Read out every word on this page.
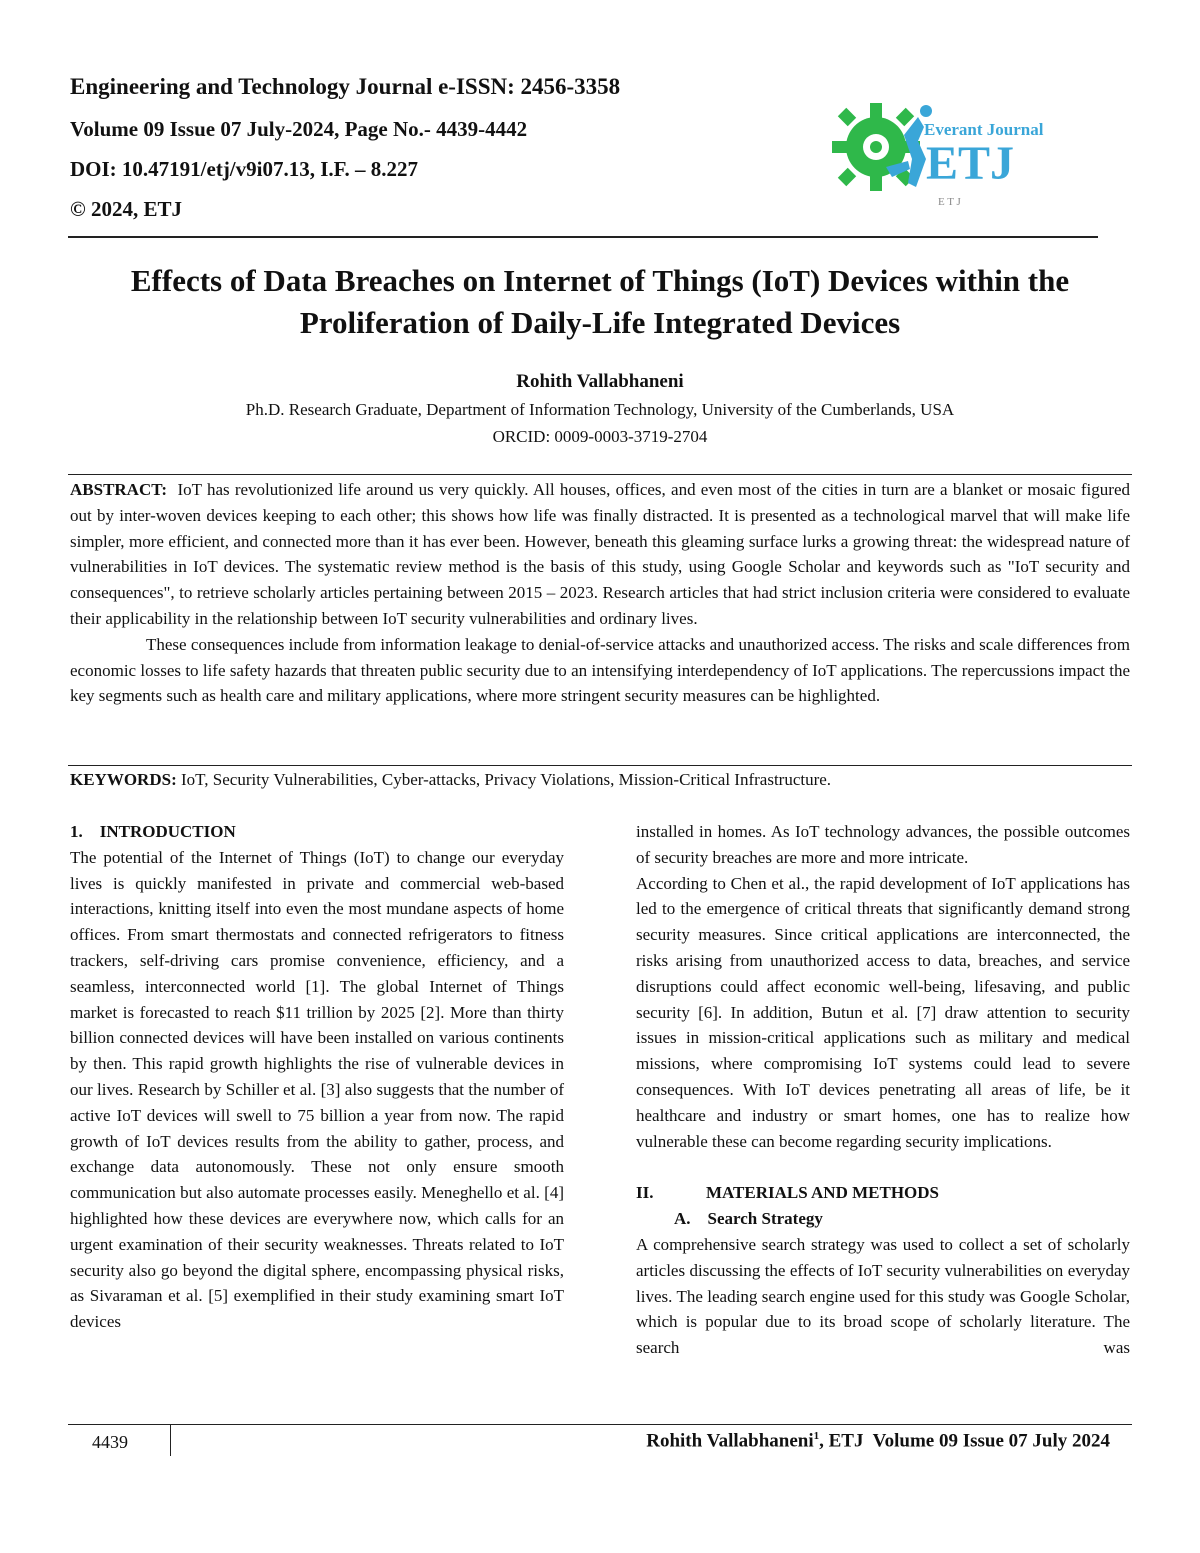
Engineering and Technology Journal e-ISSN: 2456-3358
Volume 09 Issue 07 July-2024, Page No.- 4439-4442
DOI: 10.47191/etj/v9i07.13, I.F. – 8.227
© 2024, ETJ
Everant Journal
ETJ
E T J
Effects of Data Breaches on Internet of Things (IoT) Devices within the
Proliferation of Daily-Life Integrated Devices
Rohith Vallabhaneni
Ph.D. Research Graduate, Department of Information Technology, University of the Cumberlands, USA
ORCID: 0009-0003-3719-2704

ABSTRACT: IoT has revolutionized life around us very quickly. All houses, offices, and even most of the cities in turn are a blanket or mosaic figured out by inter-woven devices keeping to each other; this shows how life was finally distracted. It is presented as a technological marvel that will make life simpler, more efficient, and connected more than it has ever been. However, beneath this gleaming surface lurks a growing threat: the widespread nature of vulnerabilities in IoT devices. The systematic review method is the basis of this study, using Google Scholar and keywords such as "IoT security and consequences", to retrieve scholarly articles pertaining between 2015 – 2023. Research articles that had strict inclusion criteria were considered to evaluate their applicability in the relationship between IoT security vulnerabilities and ordinary lives.

These consequences include from information leakage to denial-of-service attacks and unauthorized access. The risks and scale differences from economic losses to life safety hazards that threaten public security due to an intensifying interdependency of IoT applications. The repercussions impact the key segments such as health care and military applications, where more stringent security measures can be highlighted.

KEYWORDS: IoT, Security Vulnerabilities, Cyber-attacks, Privacy Violations, Mission-Critical Infrastructure.

1.    INTRODUCTION

The potential of the Internet of Things (IoT) to change our everyday lives is quickly manifested in private and commercial web-based interactions, knitting itself into even the most mundane aspects of home offices. From smart thermostats and connected refrigerators to fitness trackers, self-driving cars promise convenience, efficiency, and a seamless, interconnected world [1]. The global Internet of Things market is forecasted to reach $11 trillion by 2025 [2]. More than thirty billion connected devices will have been installed on various continents by then. This rapid growth highlights the rise of vulnerable devices in our lives. Research by Schiller et al. [3] also suggests that the number of active IoT devices will swell to 75 billion a year from now. The rapid growth of IoT devices results from the ability to gather, process, and exchange data autonomously. These not only ensure smooth communication but also automate processes easily. Meneghello et al. [4] highlighted how these devices are everywhere now, which calls for an urgent examination of their security weaknesses. Threats related to IoT security also go beyond the digital sphere, encompassing physical risks, as Sivaraman et al. [5] exemplified in their study examining smart IoT devices

installed in homes. As IoT technology advances, the possible outcomes of security breaches are more and more intricate.

According to Chen et al., the rapid development of IoT applications has led to the emergence of critical threats that significantly demand strong security measures. Since critical applications are interconnected, the risks arising from unauthorized access to data, breaches, and service disruptions could affect economic well-being, lifesaving, and public security [6]. In addition, Butun et al. [7] draw attention to security issues in mission-critical applications such as military and medical missions, where compromising IoT systems could lead to severe consequences. With IoT devices penetrating all areas of life, be it healthcare and industry or smart homes, one has to realize how vulnerable these can become regarding security implications.

II.	MATERIALS AND METHODS

A.    Search Strategy

A comprehensive search strategy was used to collect a set of scholarly articles discussing the effects of IoT security vulnerabilities on everyday lives. The leading search engine used for this study was Google Scholar, which is popular due to its broad scope of scholarly literature. The search was

4439	Rohith Vallabhaneni$^1$, ETJ  Volume 09 Issue 07 July 2024
